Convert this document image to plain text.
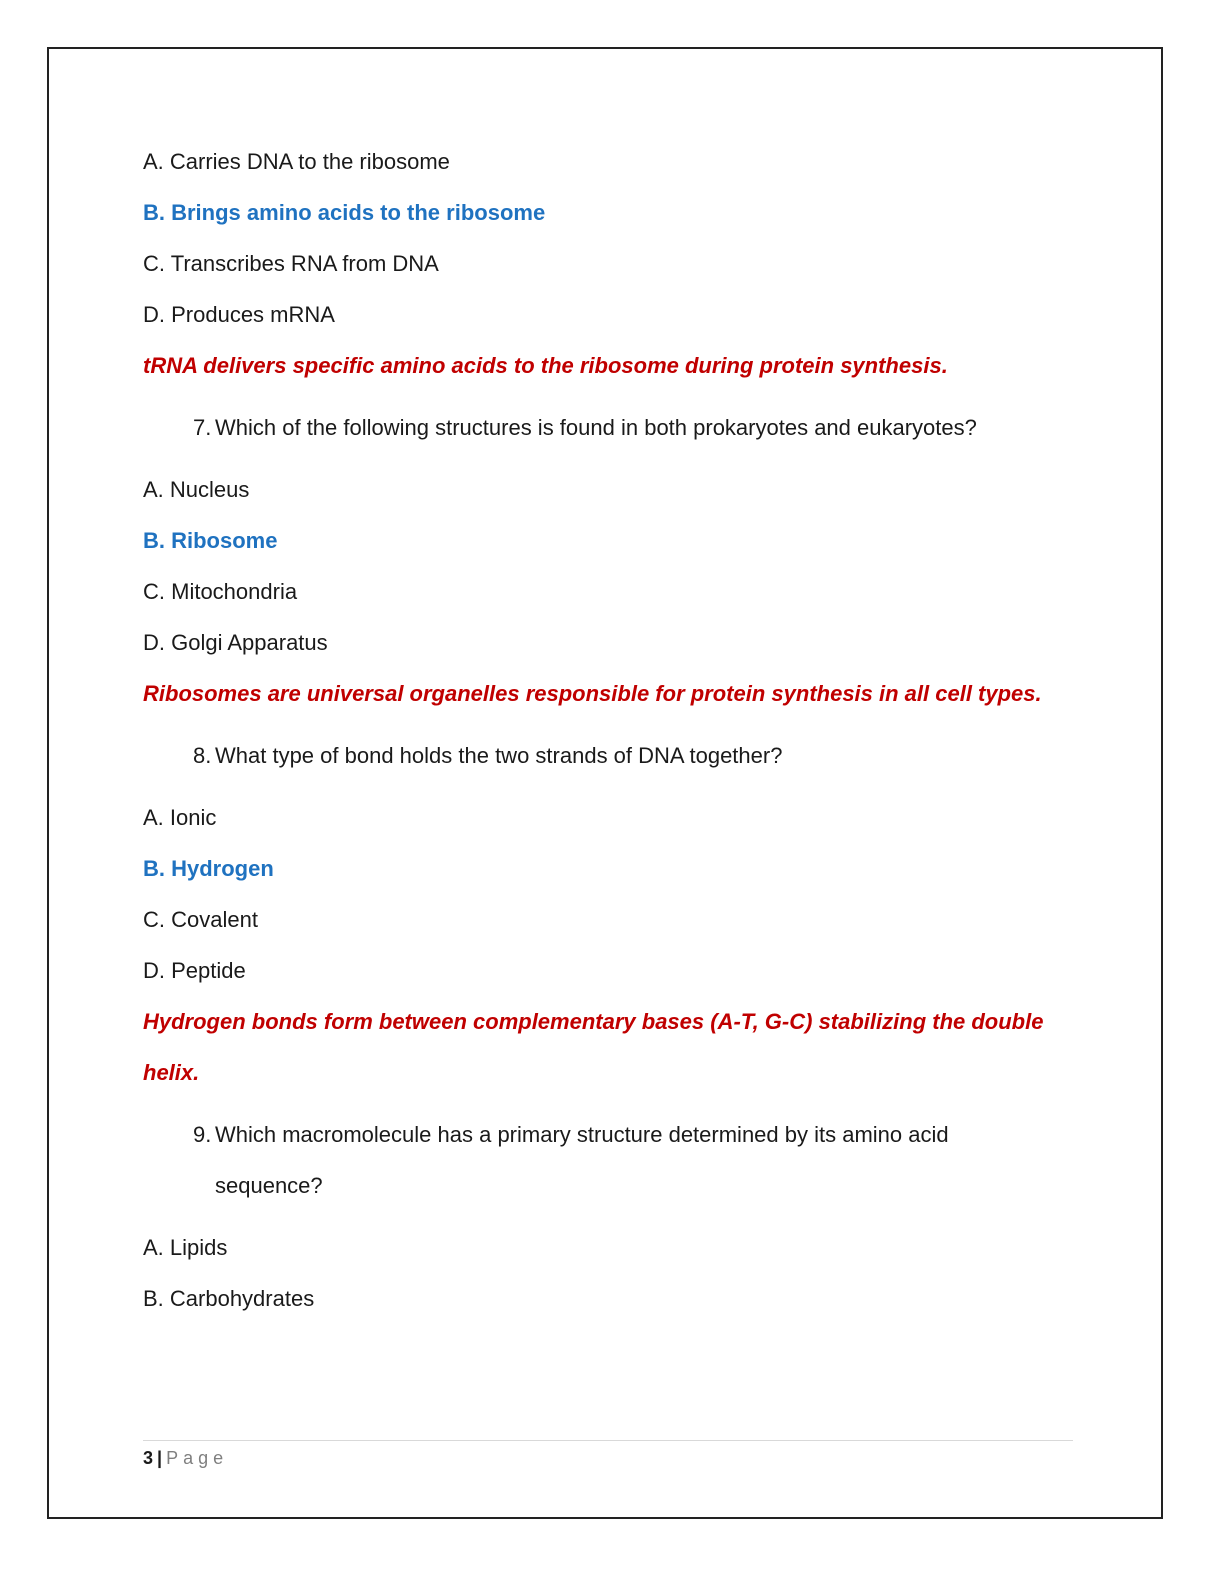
A. Carries DNA to the ribosome
B. Brings amino acids to the ribosome
C. Transcribes RNA from DNA
D. Produces mRNA
tRNA delivers specific amino acids to the ribosome during protein synthesis.
7. Which of the following structures is found in both prokaryotes and eukaryotes?
A. Nucleus
B. Ribosome
C. Mitochondria
D. Golgi Apparatus
Ribosomes are universal organelles responsible for protein synthesis in all cell types.
8. What type of bond holds the two strands of DNA together?
A. Ionic
B. Hydrogen
C. Covalent
D. Peptide
Hydrogen bonds form between complementary bases (A-T, G-C) stabilizing the double helix.
9. Which macromolecule has a primary structure determined by its amino acid sequence?
A. Lipids
B. Carbohydrates
3 | Page
